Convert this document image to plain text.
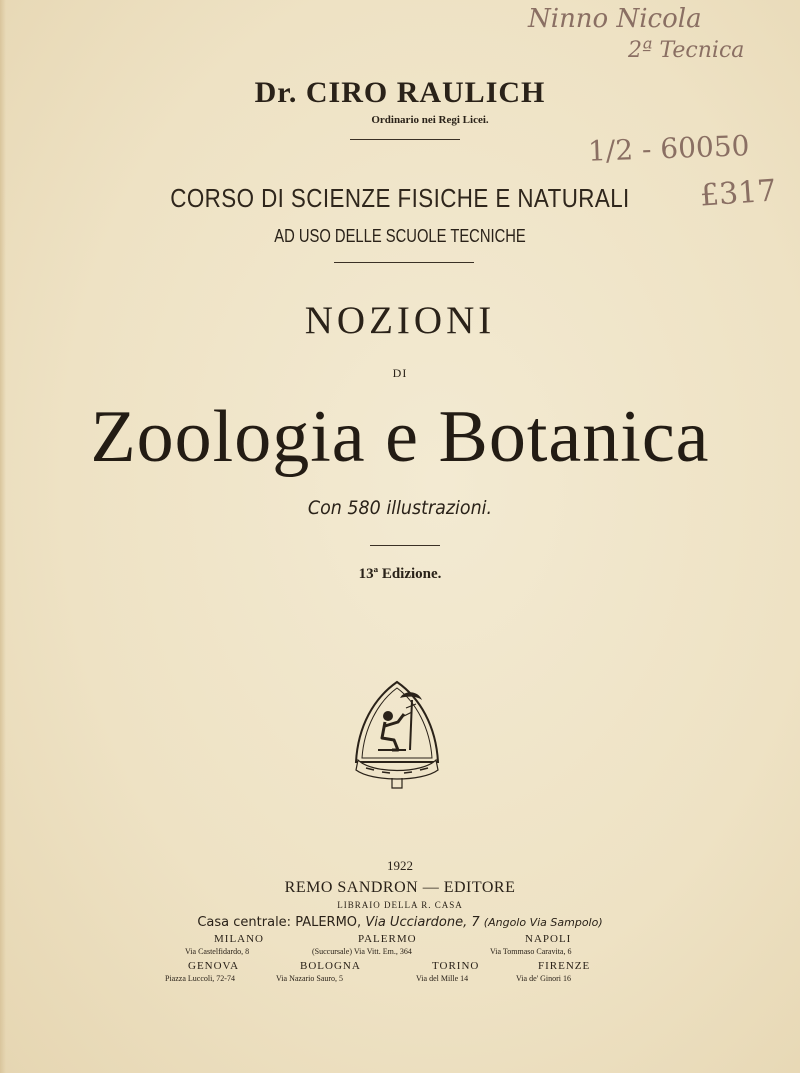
Ninno Nicola
2ª Tecnica
1/2 - 60050
£317
Dr. CIRO RAULICH
Ordinario nei Regi Licei.
CORSO DI SCIENZE FISICHE E NATURALI
AD USO DELLE SCUOLE TECNICHE
NOZIONI
DI
Zoologia e Botanica
Con 580 illustrazioni.
13ª Edizione.
1922
REMO SANDRON — EDITORE
LIBRAIO DELLA R. CASA
Casa centrale: PALERMO, Via Ucciardone, 7 (Angolo Via Sampolo)
MILANO
Via Castelfidardo, 8
PALERMO
(Succursale) Via Vitt. Em., 364
NAPOLI
Via Tommaso Caravita, 6
GENOVA
Piazza Luccoli, 72-74
BOLOGNA
Via Nazario Sauro, 5
TORINO
Via del Mille 14
FIRENZE
Via de' Ginori 16
